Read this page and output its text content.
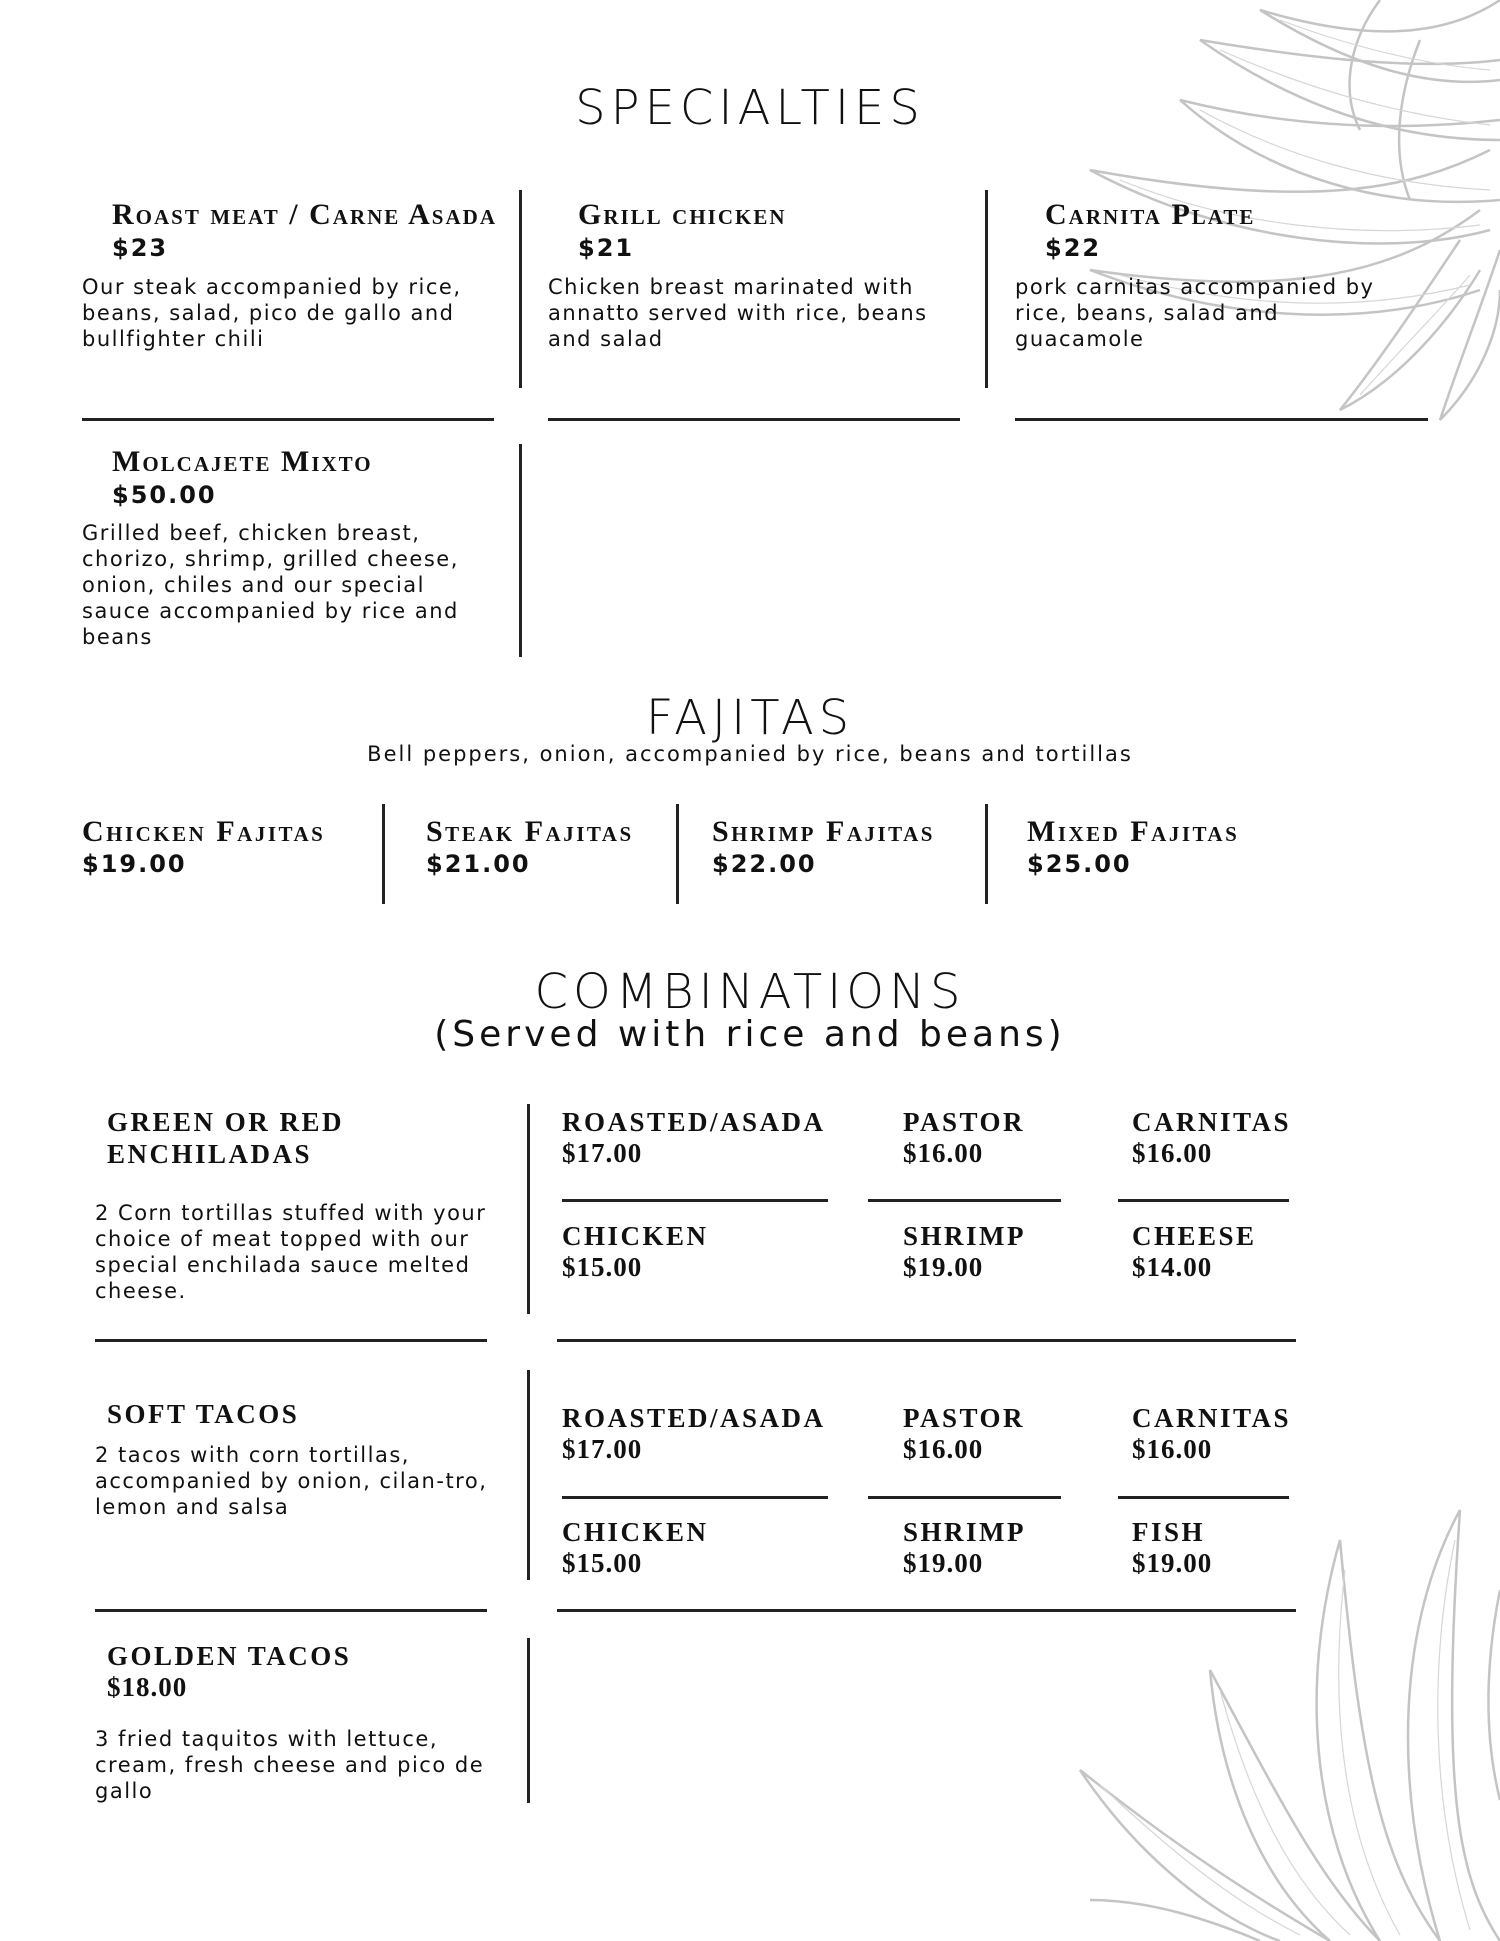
SPECIALTIES
Roast meat / Carne Asada
$23
Our steak accompanied by rice, beans, salad, pico de gallo and bullfighter chili
Grill chicken
$21
Chicken breast marinated with annatto served with rice, beans and salad
Carnita Plate
$22
pork carnitas accompanied by rice, beans, salad and guacamole
Molcajete Mixto
$50.00
Grilled beef, chicken breast, chorizo, shrimp, grilled cheese, onion, chiles and our special sauce accompanied by rice and beans
FAJITAS
Bell peppers, onion, accompanied by rice, beans and tortillas
Chicken Fajitas
$19.00
Steak Fajitas
$21.00
Shrimp Fajitas
$22.00
Mixed Fajitas
$25.00
COMBINATIONS
(Served with rice and beans)
GREEN OR RED ENCHILADAS
2 Corn tortillas stuffed with your choice of meat topped with our special enchilada sauce melted cheese.
ROASTED/ASADA
$17.00
PASTOR
$16.00
CARNITAS
$16.00
CHICKEN
$15.00
SHRIMP
$19.00
CHEESE
$14.00
SOFT TACOS
2 tacos with corn tortillas, accompanied by onion, cilan-tro, lemon and salsa
ROASTED/ASADA
$17.00
PASTOR
$16.00
CARNITAS
$16.00
CHICKEN
$15.00
SHRIMP
$19.00
FISH
$19.00
GOLDEN TACOS
$18.00
3 fried taquitos with lettuce, cream, fresh cheese and pico de gallo
